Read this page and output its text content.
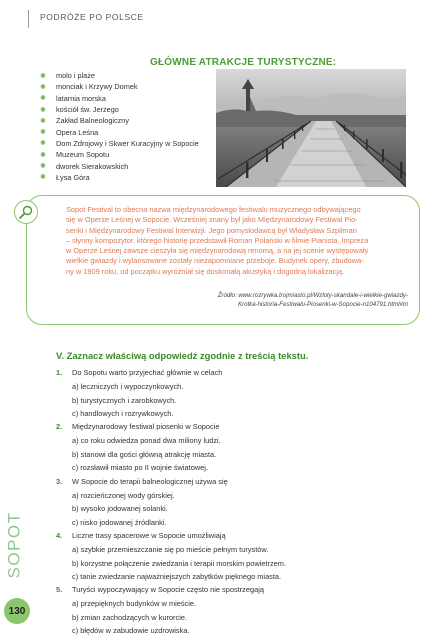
PODRÓŻE PO POLSCE
GŁÓWNE ATRAKCJE TURYSTYCZNE:
✺	molo i plaże
✺	monciak i Krzywy Domek
✺	latarnia morska
✺	kościół św. Jerzego
✺	Zakład Balneologiczny
✺	Opera Leśna
✺	Dom Zdrojowy i Skwer Kuracyjny w Sopocie
✺	Muzeum Sopotu
✺	dworek Sierakowskich
✺	Łysa Góra
Sopot Festival to obecna nazwa międzynarodowego festiwalu muzycznego odbywającego
się w Operze Leśnej w Sopocie. Wcześniej znany był jako Międzynarodowy Festiwal Pio-
senki i Międzynarodowy Festiwal Interwizji. Jego pomysłodawcą był Władysław Szpilman
– słynny kompozytor, którego historię przedstawił Roman Polański w filmie Pianista. Impreza
w Operze Leśnej zawsze cieszyła się międzynarodową renomą, a na jej scenie występowały
wielkie gwiazdy i wylansowane zostały niezapomniane przeboje. Budynek opery, zbudowa-
ny w 1909 roku, od początku wyróżniał się doskonałą akustyką i dogodną lokalizacją.
Źródło: www.rozrywka.trojmiasto.pl/Wzloty-skandale-i-wielkie-gwiazdy-
Krotka-historia-Festiwalu-Piosenki-w-Sopocie-n104791.html#tri
V. Zaznacz właściwą odpowiedź zgodnie z treścią tekstu.
1. Do Sopotu warto przyjechać głównie w celach
a) leczniczych i wypoczynkowych.
b) turystycznych i zarobkowych.
c) handlowych i rozrywkowych.
2. Międzynarodowy festiwal piosenki w Sopocie
a) co roku odwiedza ponad dwa miliony ludzi.
b) stanowi dla gości główną atrakcję miasta.
c) rozsławił miasto po II wojnie światowej.
3. W Sopocie do terapii balneologicznej używa się
a) rozcieńczonej wody górskiej.
b) wysoko jodowanej solanki.
c) nisko jodowanej źródlanki.
4. Liczne trasy spacerowe w Sopocie umożliwiają
a) szybkie przemieszczanie się po mieście pełnym turystów.
b) korzystne połączenie zwiedzania i terapii morskim powietrzem.
c) tanie zwiedzanie najważniejszych zabytków pięknego miasta.
5. Turyści wypoczywający w Sopocie często nie spostrzegają
a) przepięknych budynków w mieście.
b) zmian zachodzących w kurorcie.
c) błędów w zabudowie uzdrowiska.
SOPOT
130
